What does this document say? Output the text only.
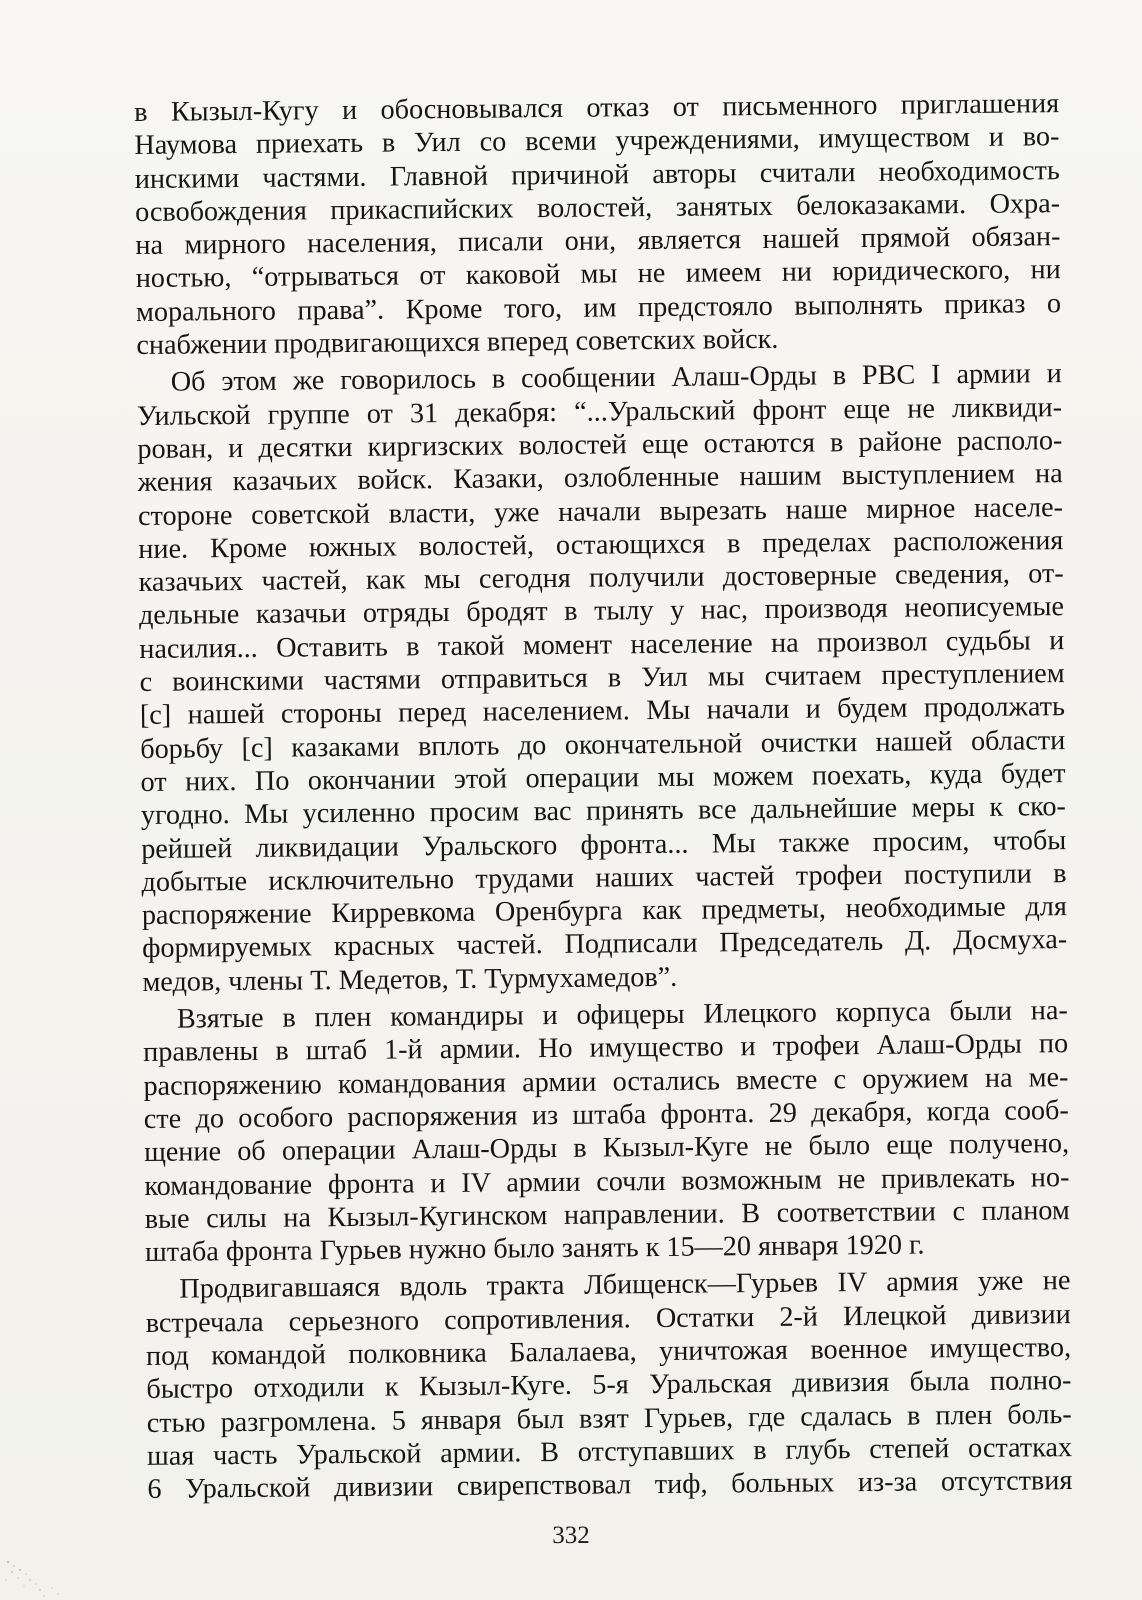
в Кызыл-Кугу и обосновывался отказ от письменного приглашения
Наумова приехать в Уил со всеми учреждениями, имуществом и во-
инскими частями. Главной причиной авторы считали необходимость
освобождения прикаспийских волостей, занятых белоказаками. Охра-
на мирного населения, писали они, является нашей прямой обязан-
ностью, “отрываться от каковой мы не имеем ни юридического, ни
морального права”. Кроме того, им предстояло выполнять приказ о
снабжении продвигающихся вперед советских войск.
Об этом же говорилось в сообщении Алаш-Орды в РВС I армии и
Уильской группе от 31 декабря: “...Уральский фронт еще не ликвиди-
рован, и десятки киргизских волостей еще остаются в районе располо-
жения казачьих войск. Казаки, озлобленные нашим выступлением на
стороне советской власти, уже начали вырезать наше мирное населе-
ние. Кроме южных волостей, остающихся в пределах расположения
казачьих частей, как мы сегодня получили достоверные сведения, от-
дельные казачьи отряды бродят в тылу у нас, производя неописуемые
насилия... Оставить в такой момент население на произвол судьбы и
с воинскими частями отправиться в Уил мы считаем преступлением
[с] нашей стороны перед населением. Мы начали и будем продолжать
борьбу [с] казаками вплоть до окончательной очистки нашей области
от них. По окончании этой операции мы можем поехать, куда будет
угодно. Мы усиленно просим вас принять все дальнейшие меры к ско-
рейшей ликвидации Уральского фронта... Мы также просим, чтобы
добытые исключительно трудами наших частей трофеи поступили в
распоряжение Кирревкома Оренбурга как предметы, необходимые для
формируемых красных частей. Подписали Председатель Д. Досмуха-
медов, члены Т. Медетов, Т. Турмухамедов”.
Взятые в плен командиры и офицеры Илецкого корпуса были на-
правлены в штаб 1-й армии. Но имущество и трофеи Алаш-Орды по
распоряжению командования армии остались вместе с оружием на ме-
сте до особого распоряжения из штаба фронта. 29 декабря, когда сооб-
щение об операции Алаш-Орды в Кызыл-Куге не было еще получено,
командование фронта и IV армии сочли возможным не привлекать но-
вые силы на Кызыл-Кугинском направлении. В соответствии с планом
штаба фронта Гурьев нужно было занять к 15—20 января 1920 г.
Продвигавшаяся вдоль тракта Лбищенск—Гурьев IV армия уже не
встречала серьезного сопротивления. Остатки 2-й Илецкой дивизии
под командой полковника Балалаева, уничтожая военное имущество,
быстро отходили к Кызыл-Куге. 5-я Уральская дивизия была полно-
стью разгромлена. 5 января был взят Гурьев, где сдалась в плен боль-
шая часть Уральской армии. В отступавших в глубь степей остатках
6 Уральской дивизии свирепствовал тиф, больных из-за отсутствия
332
